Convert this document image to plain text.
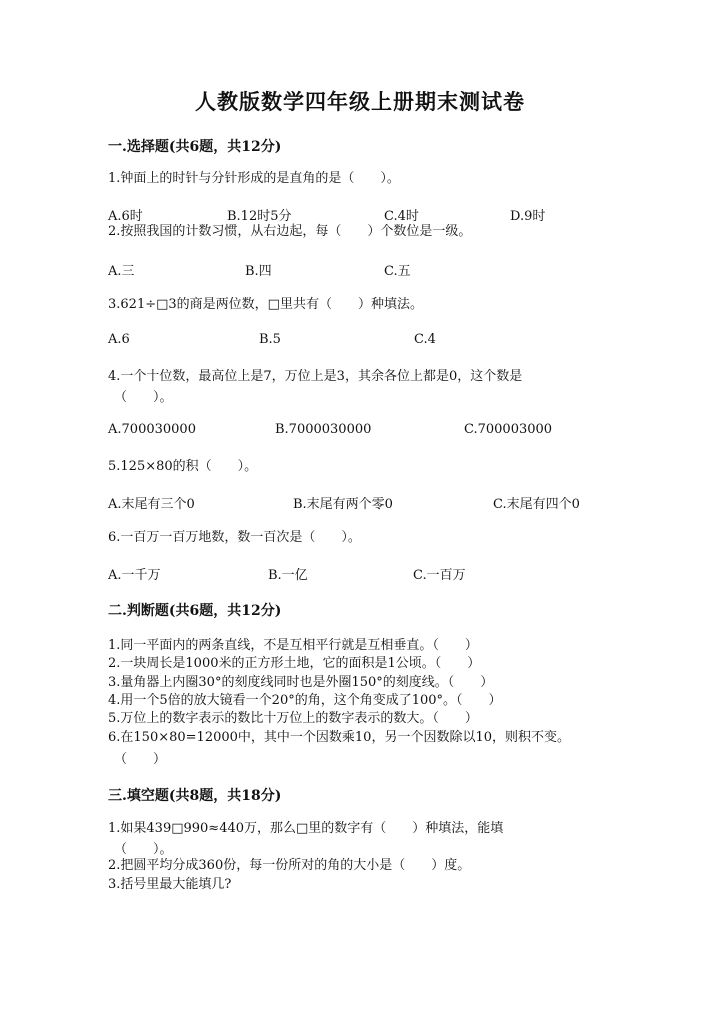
人教版数学四年级上册期末测试卷
一.选择题(共6题，共12分)
1.钟面上的时针与分针形成的是直角的是（　　）。
A.6时	B.12时5分	C.4时	D.9时
2.按照我国的计数习惯，从右边起，每（　　）个数位是一级。
A.三	B.四	C.五
3.621÷□3的商是两位数，□里共有（　　）种填法。
A.6	B.5	C.4
4.一个十位数，最高位上是7，万位上是3，其余各位上都是0，这个数是
（　　）。
A.700030000	B.7000030000	C.700003000
5.125×80的积（　　）。
A.末尾有三个0	B.末尾有两个零0	C.末尾有四个0
6.一百万一百万地数，数一百次是（　　）。
A.一千万	B.一亿	C.一百万
二.判断题(共6题，共12分)
1.同一平面内的两条直线，不是互相平行就是互相垂直。（　　）
2.一块周长是1000米的正方形土地，它的面积是1公顷。（　　）
3.量角器上内圈30°的刻度线同时也是外圈150°的刻度线。（　　）
4.用一个5倍的放大镜看一个20°的角，这个角变成了100°。（　　）
5.万位上的数字表示的数比十万位上的数字表示的数大。（　　）
6.在150×80=12000中，其中一个因数乘10，另一个因数除以10，则积不变。
（　　）
三.填空题(共8题，共18分)
1.如果439□990≈440万，那么□里的数字有（　　）种填法，能填
（　　）。
2.把圆平均分成360份，每一份所对的角的大小是（　　）度。
3.括号里最大能填几?
